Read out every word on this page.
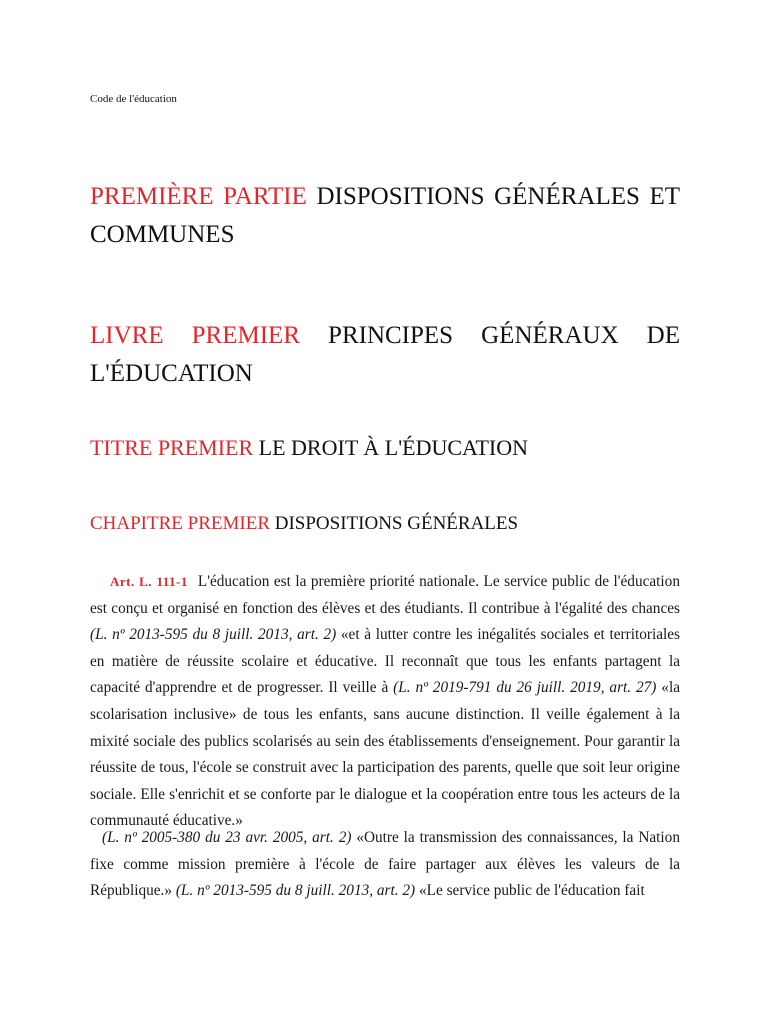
Code de l'éducation
PREMIÈRE PARTIE DISPOSITIONS GÉNÉRALES ET COMMUNES
LIVRE PREMIER PRINCIPES GÉNÉRAUX DE L'ÉDUCATION
TITRE PREMIER LE DROIT À L'ÉDUCATION
CHAPITRE PREMIER DISPOSITIONS GÉNÉRALES
Art. L. 111-1 L'éducation est la première priorité nationale. Le service public de l'éducation est conçu et organisé en fonction des élèves et des étudiants. Il contribue à l'égalité des chances (L. nº 2013-595 du 8 juill. 2013, art. 2) «et à lutter contre les inégalités sociales et territoriales en matière de réussite scolaire et éducative. Il reconnaît que tous les enfants partagent la capacité d'apprendre et de progresser. Il veille à (L. nº 2019-791 du 26 juill. 2019, art. 27) «la scolarisation inclusive» de tous les enfants, sans aucune distinction. Il veille également à la mixité sociale des publics scolarisés au sein des établissements d'enseignement. Pour garantir la réussite de tous, l'école se construit avec la participation des parents, quelle que soit leur origine sociale. Elle s'enrichit et se conforte par le dialogue et la coopération entre tous les acteurs de la communauté éducative.»
(L. nº 2005-380 du 23 avr. 2005, art. 2) «Outre la transmission des connaissances, la Nation fixe comme mission première à l'école de faire partager aux élèves les valeurs de la République.» (L. nº 2013-595 du 8 juill. 2013, art. 2) «Le service public de l'éducation fait
